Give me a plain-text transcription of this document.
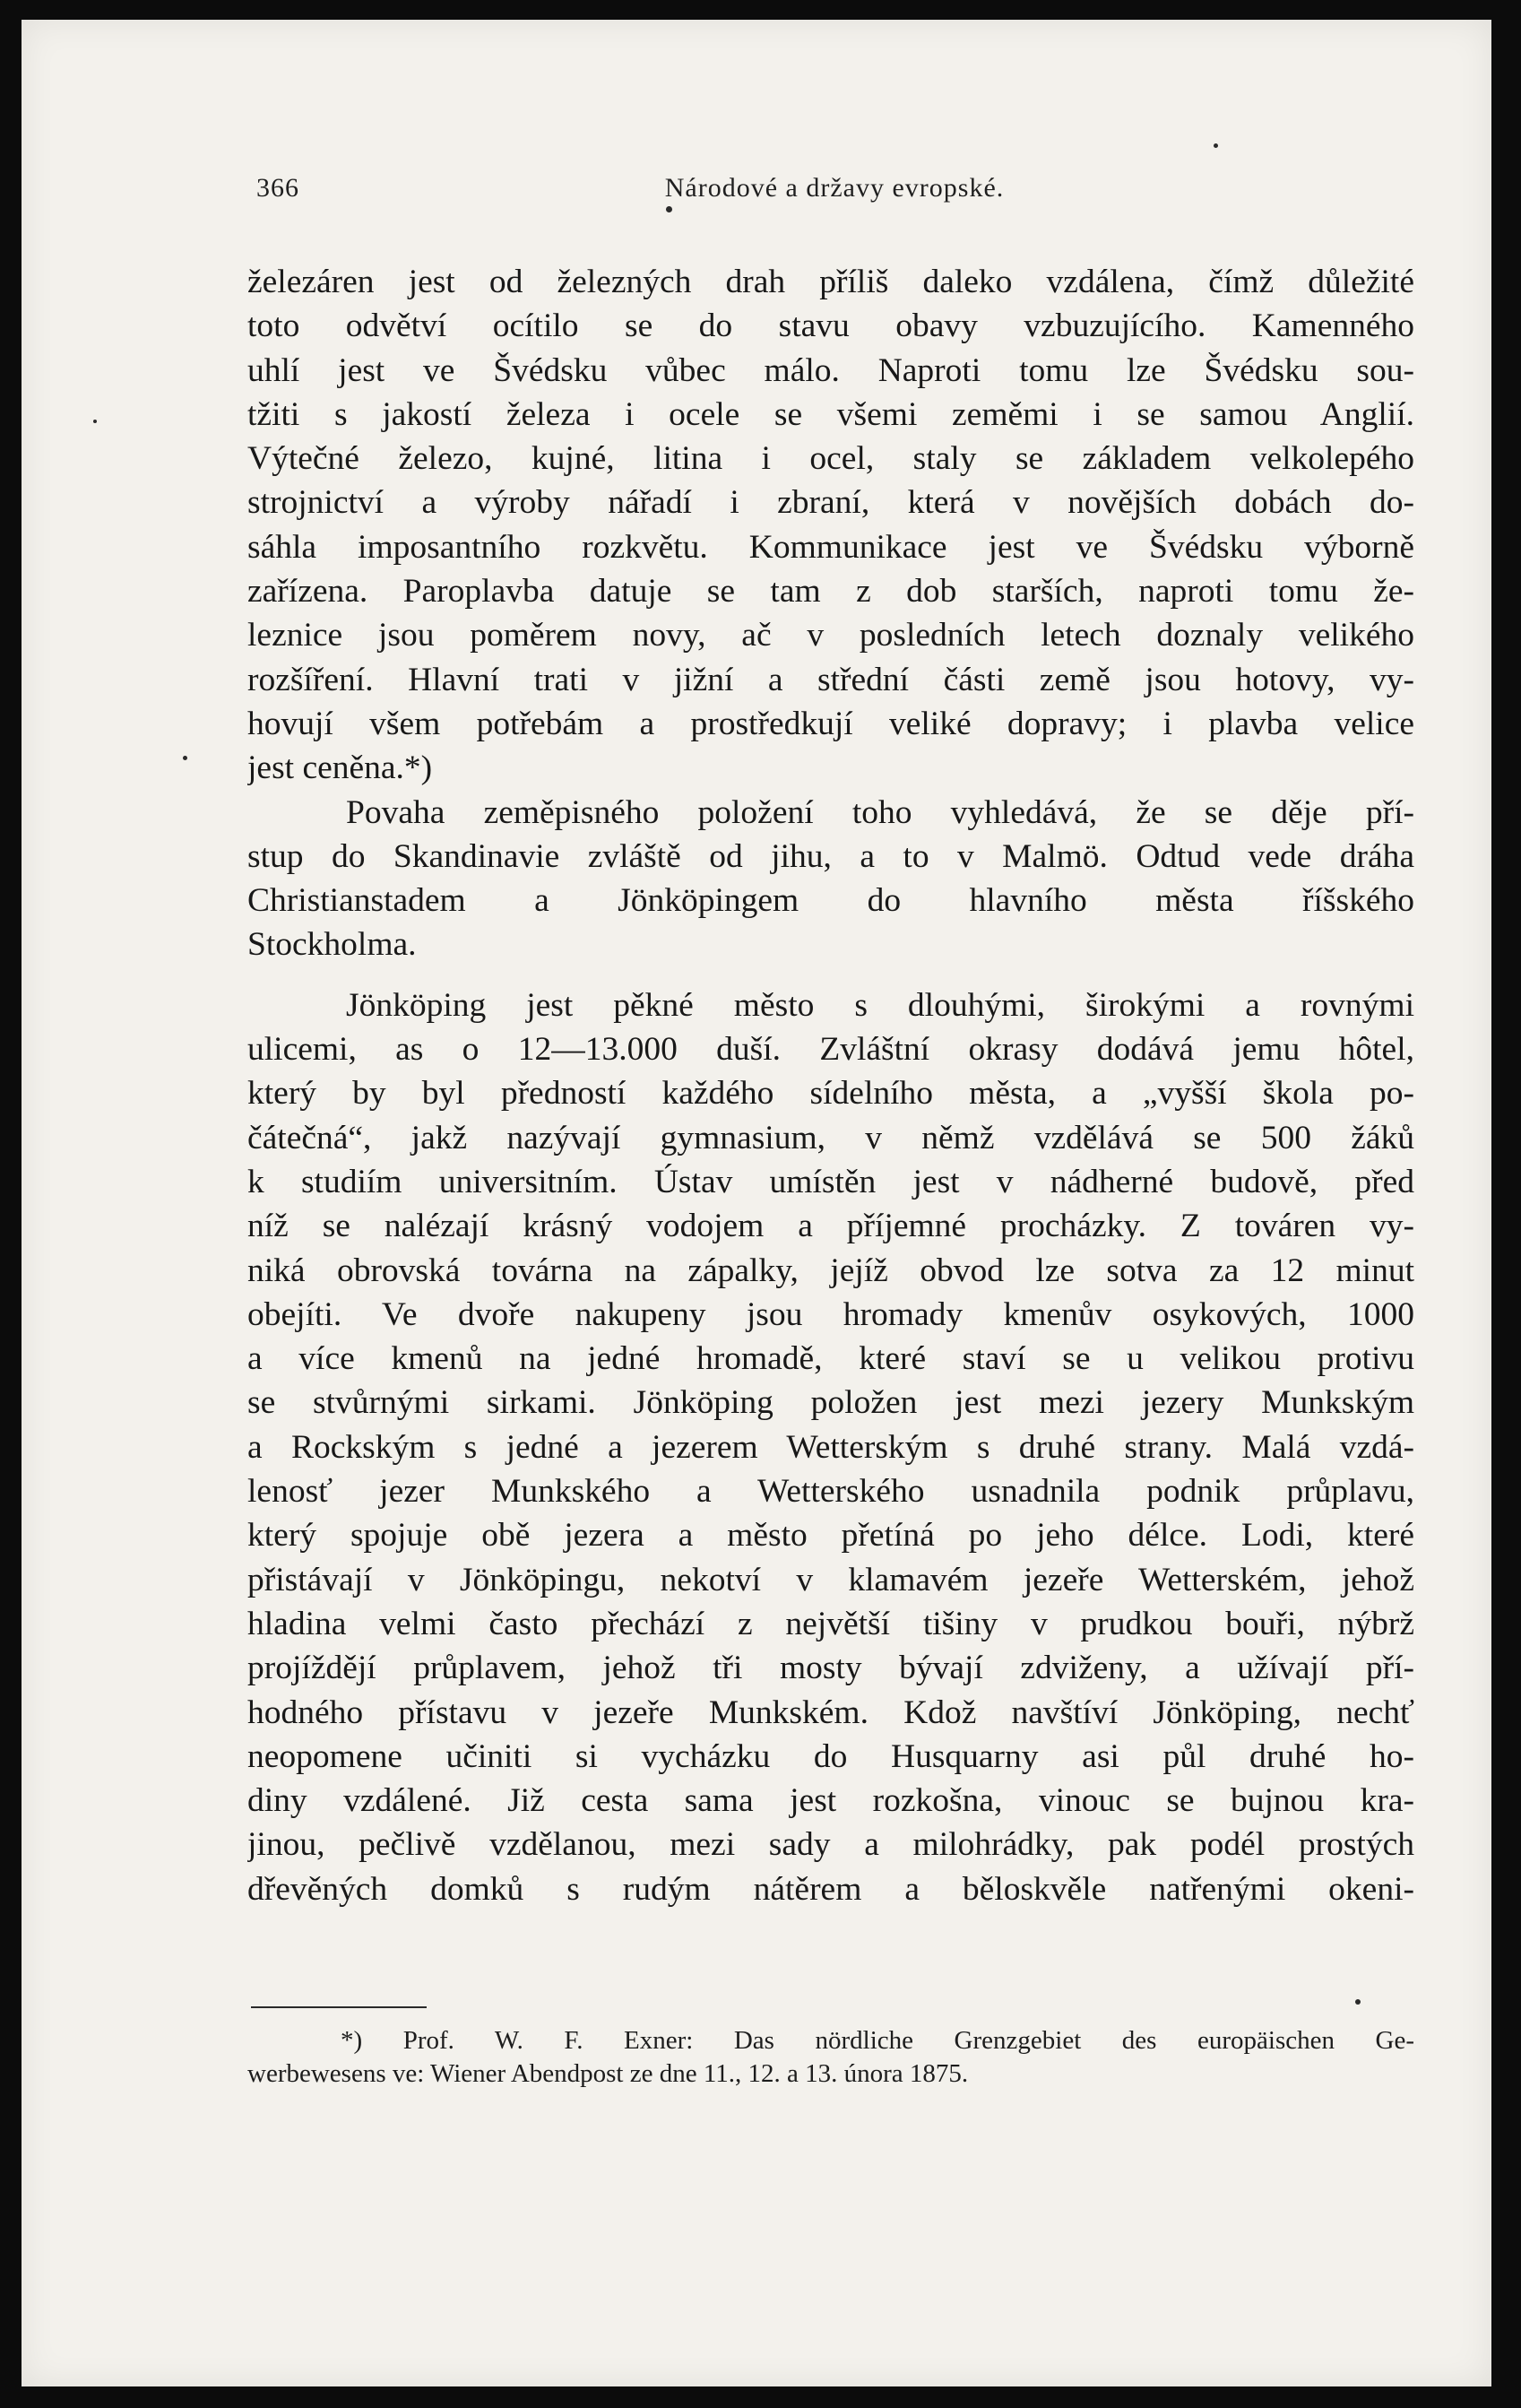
366	Národové a državy evropské.
železáren jest od železných drah příliš daleko vzdálena, čímž důležité
toto odvětví ocítilo se do stavu obavy vzbuzujícího. Kamenného
uhlí jest ve Švédsku vůbec málo. Naproti tomu lze Švédsku sou-
tžiti s jakostí železa i ocele se všemi zeměmi i se samou Anglií.
Výtečné železo, kujné, litina i ocel, staly se základem velkolepého
strojnictví a výroby nářadí i zbraní, která v novějších dobách do-
sáhla imposantního rozkvětu. Kommunikace jest ve Švédsku výborně
zařízena. Paroplavba datuje se tam z dob starších, naproti tomu že-
leznice jsou poměrem novy, ač v posledních letech doznaly velikého
rozšíření. Hlavní trati v jižní a střední části země jsou hotovy, vy-
hovují všem potřebám a prostředkují veliké dopravy; i plavba velice
jest ceněna.*)
Povaha zeměpisného položení toho vyhledává, že se děje pří-
stup do Skandinavie zvláště od jihu, a to v Malmö. Odtud vede dráha
Christianstadem a Jönköpingem do hlavního města říšského
Stockholma.
Jönköping jest pěkné město s dlouhými, širokými a rovnými
ulicemi, as o 12—13.000 duší. Zvláštní okrasy dodává jemu hôtel,
který by byl předností každého sídelního města, a „vyšší škola po-
čátečná“, jakž nazývají gymnasium, v němž vzdělává se 500 žáků
k studiím universitním. Ústav umístěn jest v nádherné budově, před
níž se nalézají krásný vodojem a příjemné procházky. Z továren vy-
niká obrovská továrna na zápalky, jejíž obvod lze sotva za 12 minut
obejíti. Ve dvoře nakupeny jsou hromady kmenův osykových, 1000
a více kmenů na jedné hromadě, které staví se u velikou protivu
se stvůrnými sirkami. Jönköping položen jest mezi jezery Munkským
a Rockským s jedné a jezerem Wetterským s druhé strany. Malá vzdá-
lenosť jezer Munkského a Wetterského usnadnila podnik průplavu,
který spojuje obě jezera a město přetíná po jeho délce. Lodi, které
přistávají v Jönköpingu, nekotví v klamavém jezeře Wetterském, jehož
hladina velmi často přechází z největší tišiny v prudkou bouři, nýbrž
projíždějí průplavem, jehož tři mosty bývají zdviženy, a užívají pří-
hodného přístavu v jezeře Munkském. Kdož navštíví Jönköping, nechť
neopomene učiniti si vycházku do Husquarny asi půl druhé ho-
diny vzdálené. Již cesta sama jest rozkošna, vinouc se bujnou kra-
jinou, pečlivě vzdělanou, mezi sady a milohrádky, pak podél prostých
dřevěných domků s rudým nátěrem a běloskvěle natřenými okeni-
*) Prof. W. F. Exner: Das nördliche Grenzgebiet des europäischen Ge-
werbewesens ve: Wiener Abendpost ze dne 11., 12. a 13. února 1875.
